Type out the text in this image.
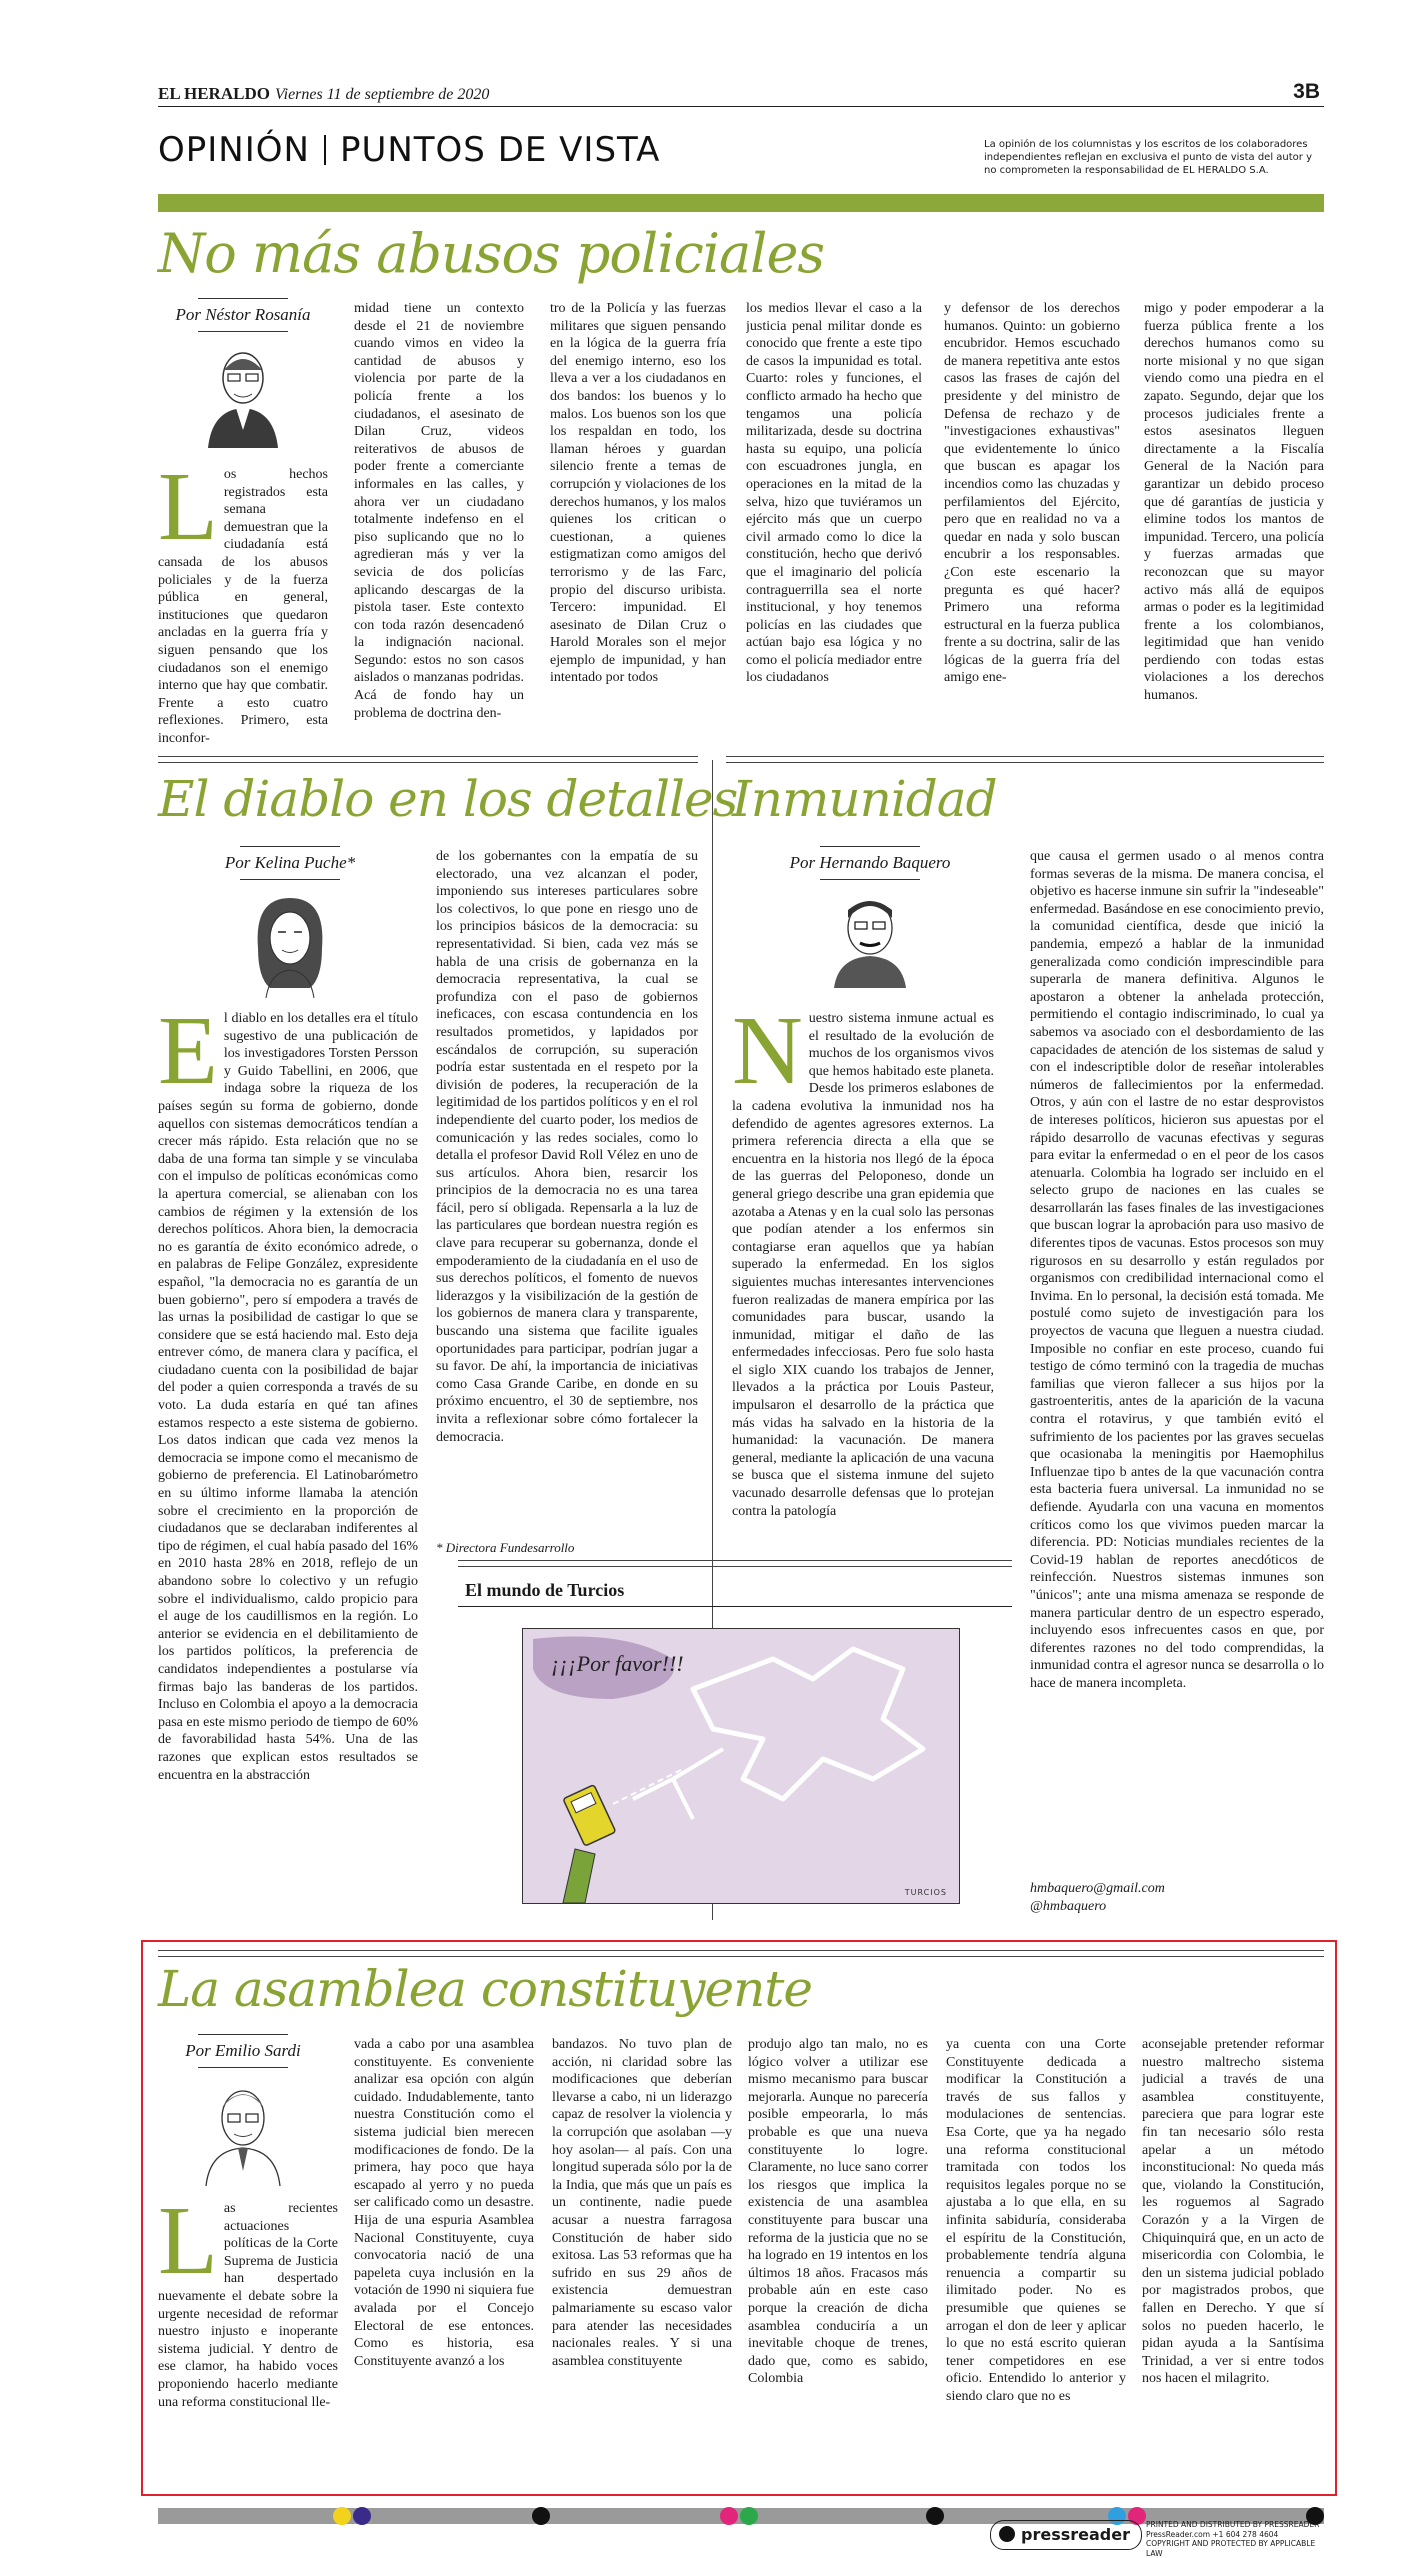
EL HERALDO Viernes 11 de septiembre de 2020	3B
OPINIÓN PUNTOS DE VISTA	La opinión de los columnistas y los escritos de los colaboradores independientes reflejan en exclusiva el punto de vista del autor y no comprometen la responsabilidad de EL HERALDO S.A.
No más abusos policiales
Por Néstor Rosanía
L os hechos registrados esta semana demuestran que la ciudadanía está cansada de los abusos policiales y de la fuerza pública en general, instituciones que quedaron ancladas en la guerra fría y siguen pensando que los ciudadanos son el enemigo interno que hay que combatir. Frente a esto cuatro reflexiones. Primero, esta inconfor-

midad tiene un contexto desde el 21 de noviembre cuando vimos en video la cantidad de abusos y violencia por parte de la policía frente a los ciudadanos, el asesinato de Dilan Cruz, videos reiterativos de abusos de poder frente a comerciante informales en las calles, y ahora ver un ciudadano totalmente indefenso en el piso suplicando que no lo agredieran más y ver la sevicia de dos policías aplicando descargas de la pistola taser. Este contexto con toda razón desencadenó la indignación nacional. Segundo: estos no son casos aislados o manzanas podridas. Acá de fondo hay un problema de doctrina den-

tro de la Policía y las fuerzas militares que siguen pensando en la lógica de la guerra fría del enemigo interno, eso los lleva a ver a los ciudadanos en dos bandos: los buenos y lo malos. Los buenos son los que los respaldan en todo, los llaman héroes y guardan silencio frente a temas de corrupción y violaciones de los derechos humanos, y los malos quienes los critican o cuestionan, a quienes estigmatizan como amigos del terrorismo y de las Farc, propio del discurso uribista. Tercero: impunidad. El asesinato de Dilan Cruz o Harold Morales son el mejor ejemplo de impunidad, y han intentado por todos

los medios llevar el caso a la justicia penal militar donde es conocido que frente a este tipo de casos la impunidad es total. Cuarto: roles y funciones, el conflicto armado ha hecho que tengamos una policía militarizada, desde su doctrina hasta su equipo, una policía con escuadrones jungla, en operaciones en la mitad de la selva, hizo que tuviéramos un ejército más que un cuerpo civil armado como lo dice la constitución, hecho que derivó que el imaginario del policía contraguerrilla sea el norte institucional, y hoy tenemos policías en las ciudades que actúan bajo esa lógica y no como el policía mediador entre los ciudadanos

y defensor de los derechos humanos. Quinto: un gobierno encubridor. Hemos escuchado de manera repetitiva ante estos casos las frases de cajón del presidente y del ministro de Defensa de rechazo y de "investigaciones exhaustivas" que evidentemente lo único que buscan es apagar los incendios como las chuzadas y perfilamientos del Ejército, pero que en realidad no va a quedar en nada y solo buscan encubrir a los responsables. ¿Con este escenario la pregunta es qué hacer? Primero una reforma estructural en la fuerza publica frente a su doctrina, salir de las lógicas de la guerra fría del amigo ene-

migo y poder empoderar a la fuerza pública frente a los derechos humanos como su norte misional y no que sigan viendo como una piedra en el zapato. Segundo, dejar que los procesos judiciales frente a estos asesinatos lleguen directamente a la Fiscalía General de la Nación para garantizar un debido proceso que dé garantías de justicia y elimine todos los mantos de impunidad. Tercero, una policía y fuerzas armadas que reconozcan que su mayor activo más allá de equipos armas o poder es la legitimidad frente a los colombianos, legitimidad que han venido perdiendo con todas estas violaciones a los derechos humanos.

El diablo en los detalles
Por Kelina Puche*
E l diablo en los detalles era el título sugestivo de una publicación de los investigadores Torsten Persson y Guido Tabellini, en 2006, que indaga sobre la riqueza de los países según su forma de gobierno, donde aquellos con sistemas democráticos tendían a crecer más rápido. Esta relación que no se daba de una forma tan simple y se vinculaba con el impulso de políticas económicas como la apertura comercial, se alienaban con los cambios de régimen y la extensión de los derechos políticos. Ahora bien, la democracia no es garantía de éxito económico adrede, o en palabras de Felipe González, expresidente español, "la democracia no es garantía de un buen gobierno", pero sí empodera a través de las urnas la posibilidad de castigar lo que se considere que se está haciendo mal. Esto deja entrever cómo, de manera clara y pacífica, el ciudadano cuenta con la posibilidad de bajar del poder a quien corresponda a través de su voto. La duda estaría en qué tan afines estamos respecto a este sistema de gobierno. Los datos indican que cada vez menos la democracia se impone como el mecanismo de gobierno de preferencia. El Latinobarómetro en su último informe llamaba la atención sobre el crecimiento en la proporción de ciudadanos que se declaraban indiferentes al tipo de régimen, el cual había pasado del 16% en 2010 hasta 28% en 2018, reflejo de un abandono sobre lo colectivo y un refugio sobre el individualismo, caldo propicio para el auge de los caudillismos en la región. Lo anterior se evidencia en el debilitamiento de los partidos políticos, la preferencia de candidatos independientes a postularse vía firmas bajo las banderas de los partidos. Incluso en Colombia el apoyo a la democracia pasa en este mismo periodo de tiempo de 60% de favorabilidad hasta 54%. Una de las razones que explican estos resultados se encuentra en la abstracción

de los gobernantes con la empatía de su electorado, una vez alcanzan el poder, imponiendo sus intereses particulares sobre los colectivos, lo que pone en riesgo uno de los principios básicos de la democracia: su representatividad. Si bien, cada vez más se habla de una crisis de gobernanza en la democracia representativa, la cual se profundiza con el paso de gobiernos ineficaces, con escasa contundencia en los resultados prometidos, y lapidados por escándalos de corrupción, su superación podría estar sustentada en el respeto por la división de poderes, la recuperación de la legitimidad de los partidos políticos y en el rol independiente del cuarto poder, los medios de comunicación y las redes sociales, como lo detalla el profesor David Roll Vélez en uno de sus artículos. Ahora bien, resarcir los principios de la democracia no es una tarea fácil, pero sí obligada. Repensarla a la luz de las particulares que bordean nuestra región es clave para recuperar su gobernanza, donde el empoderamiento de la ciudadanía en el uso de sus derechos políticos, el fomento de nuevos liderazgos y la visibilización de la gestión de los gobiernos de manera clara y transparente, buscando una sistema que facilite iguales oportunidades para participar, podrían jugar a su favor. De ahí, la importancia de iniciativas como Casa Grande Caribe, en donde en su próximo encuentro, el 30 de septiembre, nos invita a reflexionar sobre cómo fortalecer la democracia.

* Directora Fundesarrollo
Inmunidad
Por Hernando Baquero
N uestro sistema inmune actual es el resultado de la evolución de muchos de los organismos vivos que hemos habitado este planeta. Desde los primeros eslabones de la cadena evolutiva la inmunidad nos ha defendido de agentes agresores externos. La primera referencia directa a ella que se encuentra en la historia nos llegó de la época de las guerras del Peloponeso, donde un general griego describe una gran epidemia que azotaba a Atenas y en la cual solo las personas que podían atender a los enfermos sin contagiarse eran aquellos que ya habían superado la enfermedad. En los siglos siguientes muchas interesantes intervenciones fueron realizadas de manera empírica por las comunidades para buscar, usando la inmunidad, mitigar el daño de las enfermedades infecciosas. Pero fue solo hasta el siglo XIX cuando los trabajos de Jenner, llevados a la práctica por Louis Pasteur, impulsaron el desarrollo de la práctica que más vidas ha salvado en la historia de la humanidad: la vacunación. De manera general, mediante la aplicación de una vacuna se busca que el sistema inmune del sujeto vacunado desarrolle defensas que lo protejan contra la patología

que causa el germen usado o al menos contra formas severas de la misma. De manera concisa, el objetivo es hacerse inmune sin sufrir la "indeseable" enfermedad. Basándose en ese conocimiento previo, la comunidad científica, desde que inició la pandemia, empezó a hablar de la inmunidad generalizada como condición imprescindible para superarla de manera definitiva. Algunos le apostaron a obtener la anhelada protección, permitiendo el contagio indiscriminado, lo cual ya sabemos va asociado con el desbordamiento de las capacidades de atención de los sistemas de salud y con el indescriptible dolor de reseñar intolerables números de fallecimientos por la enfermedad. Otros, y aún con el lastre de no estar desprovistos de intereses políticos, hicieron sus apuestas por el rápido desarrollo de vacunas efectivas y seguras para evitar la enfermedad o en el peor de los casos atenuarla. Colombia ha logrado ser incluido en el selecto grupo de naciones en las cuales se desarrollarán las fases finales de las investigaciones que buscan lograr la aprobación para uso masivo de diferentes tipos de vacunas. Estos procesos son muy rigurosos en su desarrollo y están regulados por organismos con credibilidad internacional como el Invima. En lo personal, la decisión está tomada. Me postulé como sujeto de investigación para los proyectos de vacuna que lleguen a nuestra ciudad. Imposible no confiar en este proceso, cuando fui testigo de cómo terminó con la tragedia de muchas familias que vieron fallecer a sus hijos por la gastroenteritis, antes de la aparición de la vacuna contra el rotavirus, y que también evitó el sufrimiento de los pacientes por las graves secuelas que ocasionaba la meningitis por Haemophilus Influenzae tipo b antes de la que vacunación contra esta bacteria fuera universal. La inmunidad no se defiende. Ayudarla con una vacuna en momentos críticos como los que vivimos pueden marcar la diferencia. PD: Noticias mundiales recientes de la Covid-19 hablan de reportes anecdóticos de reinfección. Nuestros sistemas inmunes son "únicos"; ante una misma amenaza se responde de manera particular dentro de un espectro esperado, incluyendo esos infrecuentes casos en que, por diferentes razones no del todo comprendidas, la inmunidad contra el agresor nunca se desarrolla o lo hace de manera incompleta.

hmbaquero@gmail.com
@hmbaquero
El mundo de Turcios
¡¡¡Por favor!!!
TURCIOS
La asamblea constituyente
Por Emilio Sardi
L as recientes actuaciones políticas de la Corte Suprema de Justicia han despertado nuevamente el debate sobre la urgente necesidad de reformar nuestro injusto e inoperante sistema judicial. Y dentro de ese clamor, ha habido voces proponiendo hacerlo mediante una reforma constitucional lle-

vada a cabo por una asamblea constituyente. Es conveniente analizar esa opción con algún cuidado. Indudablemente, tanto nuestra Constitución como el sistema judicial bien merecen modificaciones de fondo. De la primera, hay poco que haya escapado al yerro y no pueda ser calificado como un desastre. Hija de una espuria Asamblea Nacional Constituyente, cuya convocatoria nació de una papeleta cuya inclusión en la votación de 1990 ni siquiera fue avalada por el Concejo Electoral de ese entonces. Como es historia, esa Constituyente avanzó a los

bandazos. No tuvo plan de acción, ni claridad sobre las modificaciones que deberían llevarse a cabo, ni un liderazgo capaz de resolver la violencia y la corrupción que asolaban —y hoy asolan— al país. Con una longitud superada sólo por la de la India, que más que un país es un continente, nadie puede acusar a nuestra farragosa Constitución de haber sido exitosa. Las 53 reformas que ha sufrido en sus 29 años de existencia demuestran palmariamente su escaso valor para atender las necesidades nacionales reales. Y si una asamblea constituyente

produjo algo tan malo, no es lógico volver a utilizar ese mismo mecanismo para buscar mejorarla. Aunque no parecería posible empeorarla, lo más probable es que una nueva constituyente lo logre. Claramente, no luce sano correr los riesgos que implica la existencia de una asamblea constituyente para buscar una reforma de la justicia que no se ha logrado en 19 intentos en los últimos 18 años. Fracasos más probable aún en este caso porque la creación de dicha asamblea conduciría a un inevitable choque de trenes, dado que, como es sabido, Colombia

ya cuenta con una Corte Constituyente dedicada a modificar la Constitución a través de sus fallos y modulaciones de sentencias. Esa Corte, que ya ha negado una reforma constitucional tramitada con todos los requisitos legales porque no se ajustaba a lo que ella, en su infinita sabiduría, consideraba el espíritu de la Constitución, probablemente tendría alguna renuencia a compartir su ilimitado poder. No es presumible que quienes se arrogan el don de leer y aplicar lo que no está escrito quieran tener competidores en ese oficio. Entendido lo anterior y siendo claro que no es

aconsejable pretender reformar nuestro maltrecho sistema judicial a través de una asamblea constituyente, pareciera que para lograr este fin tan necesario sólo resta apelar a un método inconstitucional: No queda más que, violando la Constitución, les roguemos al Sagrado Corazón y a la Virgen de Chiquinquirá que, en un acto de misericordia con Colombia, le den un sistema judicial poblado por magistrados probos, que fallen en Derecho. Y que sí solos no pueden hacerlo, le pidan ayuda a la Santísima Trinidad, a ver si entre todos nos hacen el milagrito.

pressreader
PRINTED AND DISTRIBUTED BY PRESSREADER
PressReader.com +1 604 278 4604
COPYRIGHT AND PROTECTED BY APPLICABLE LAW
